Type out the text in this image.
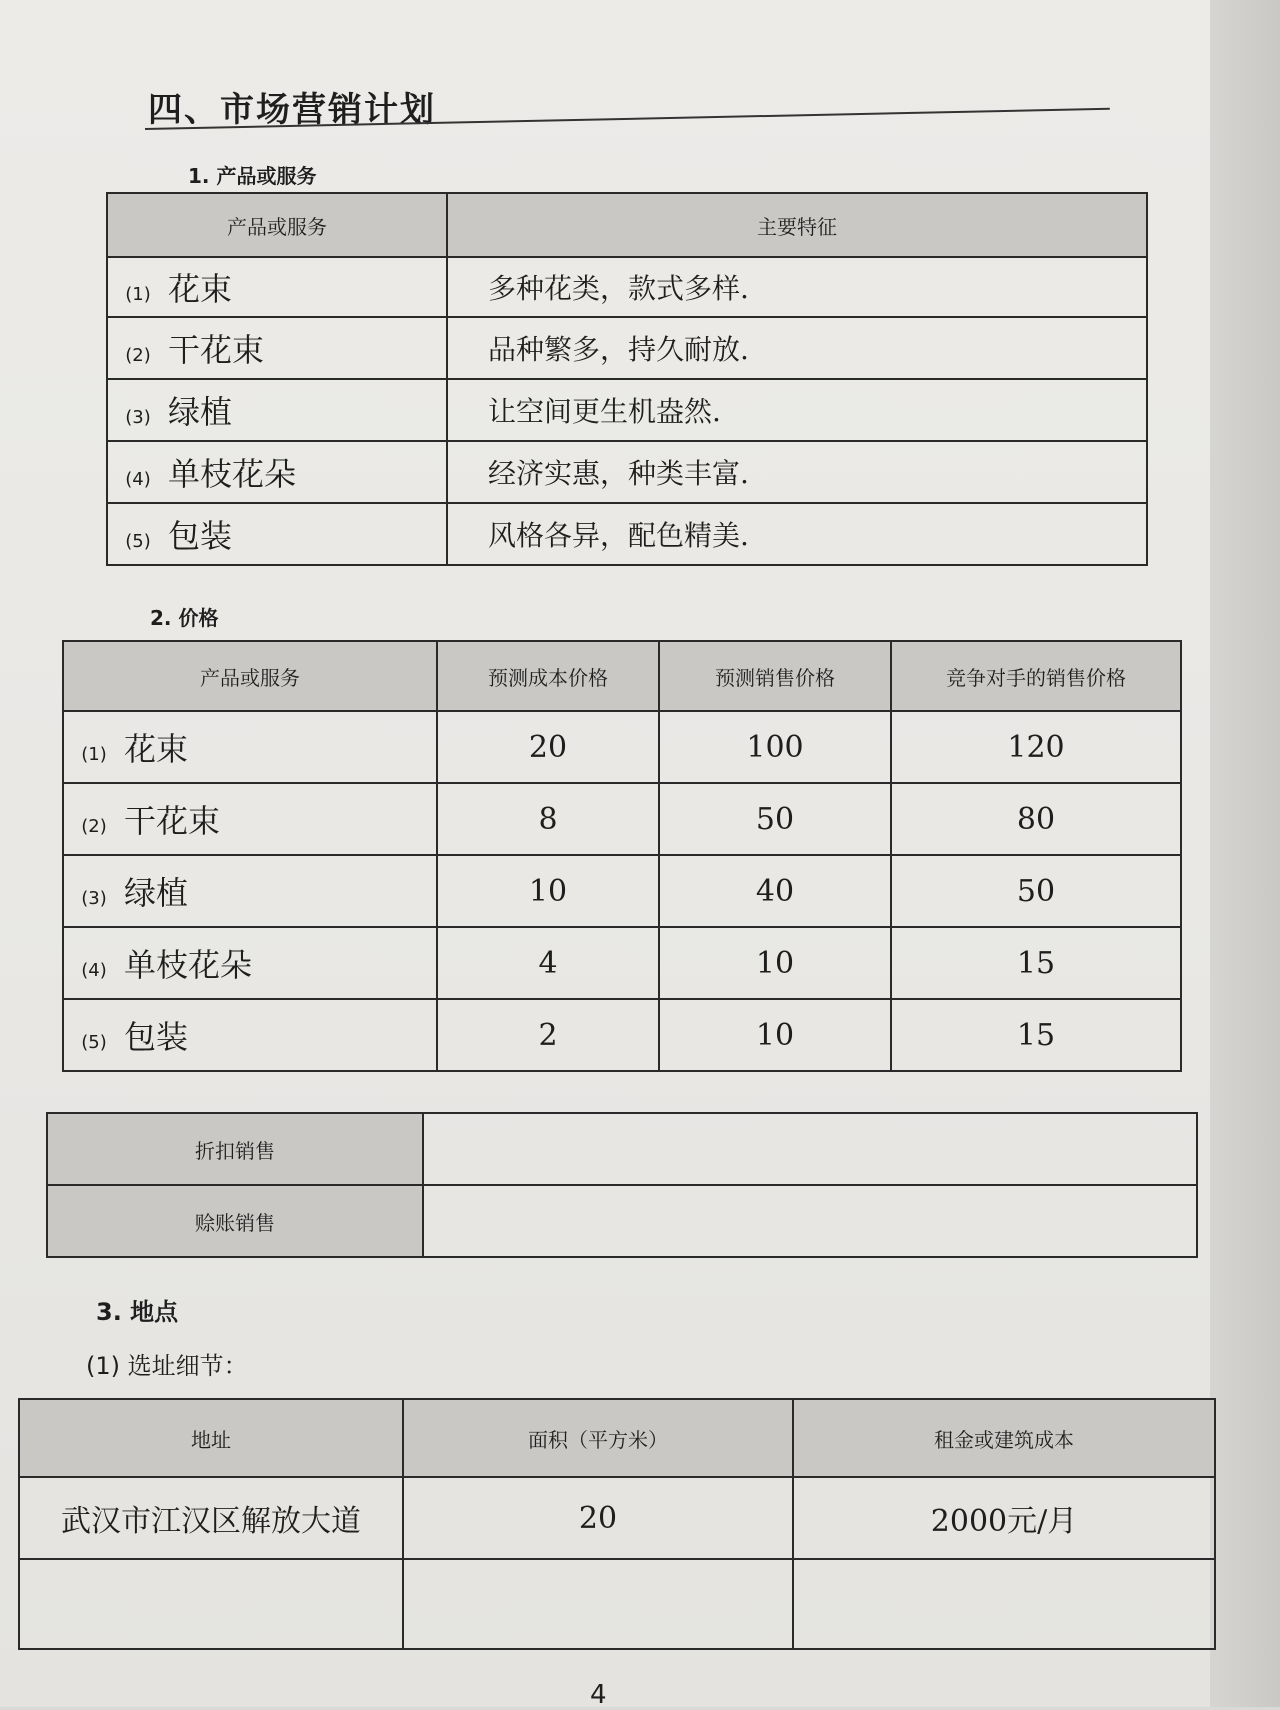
四、市场营销计划
1. 产品或服务
产品或服务	主要特征
(1) 花束	多种花类，款式多样.
(2) 干花束	品种繁多，持久耐放.
(3) 绿植	让空间更生机盎然.
(4) 单枝花朵	经济实惠，种类丰富.
(5) 包装	风格各异，配色精美.
2. 价格
产品或服务	预测成本价格	预测销售价格	竞争对手的销售价格
(1) 花束	20	100	120
(2) 干花束	8	50	80
(3) 绿植	10	40	50
(4) 单枝花朵	4	10	15
(5) 包装	2	10	15
折扣销售	
赊账销售	
3. 地点
(1) 选址细节：
地址	面积（平方米）	租金或建筑成本
武汉市江汉区解放大道	20	2000元/月

4
